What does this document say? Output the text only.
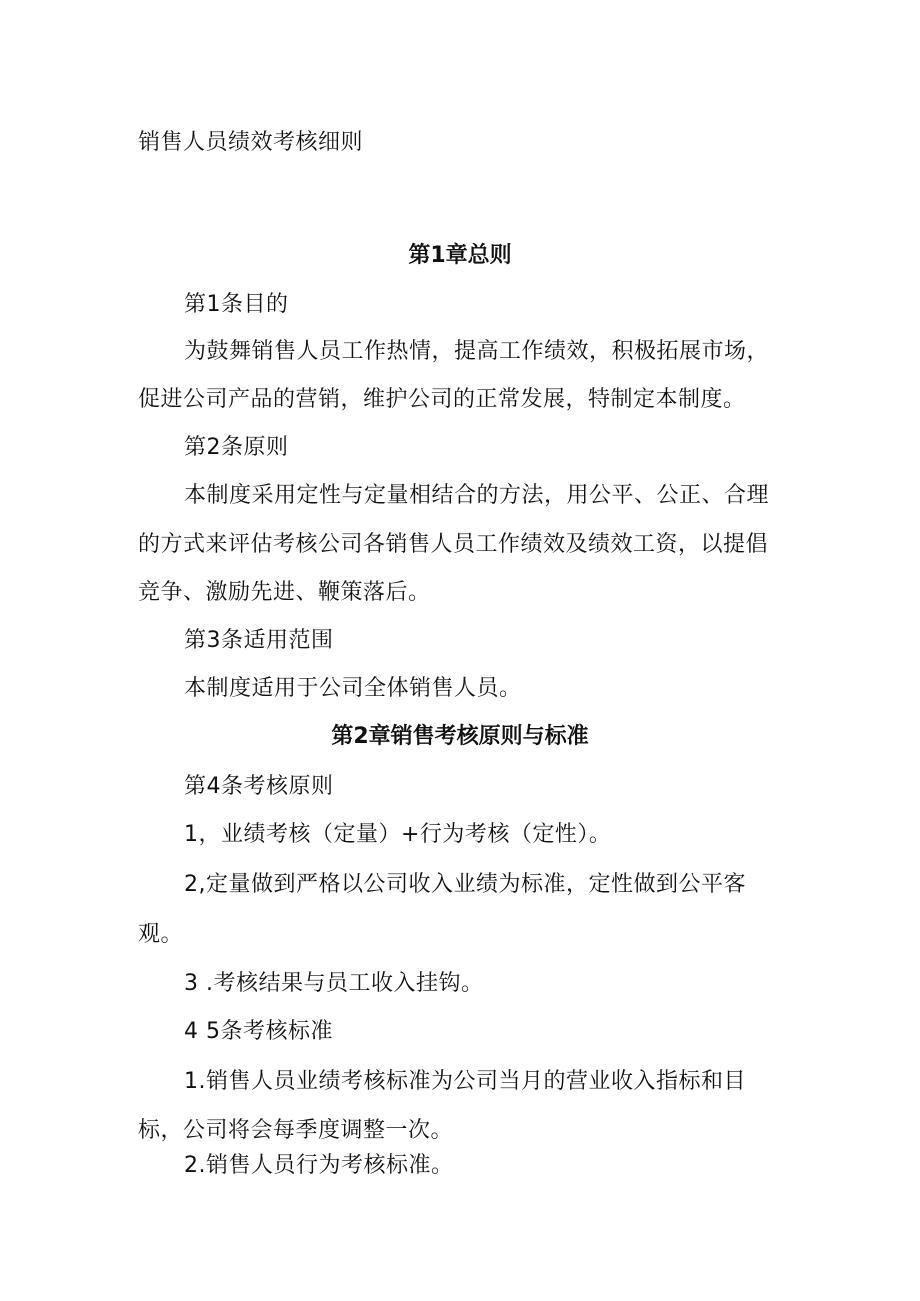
销售人员绩效考核细则
第1章总则
第1条目的
为鼓舞销售人员工作热情，提高工作绩效，积极拓展市场，
促进公司产品的营销，维护公司的正常发展，特制定本制度。
第2条原则
本制度采用定性与定量相结合的方法，用公平、公正、合理
的方式来评估考核公司各销售人员工作绩效及绩效工资，以提倡
竞争、激励先进、鞭策落后。
第3条适用范围
本制度适用于公司全体销售人员。
第2章销售考核原则与标准
第4条考核原则
1，业绩考核（定量）+行为考核（定性）。
2,定量做到严格以公司收入业绩为标准，定性做到公平客
观。
3 .考核结果与员工收入挂钩。
4 5条考核标准
1.销售人员业绩考核标准为公司当月的营业收入指标和目
标，公司将会每季度调整一次。
2.销售人员行为考核标准。
